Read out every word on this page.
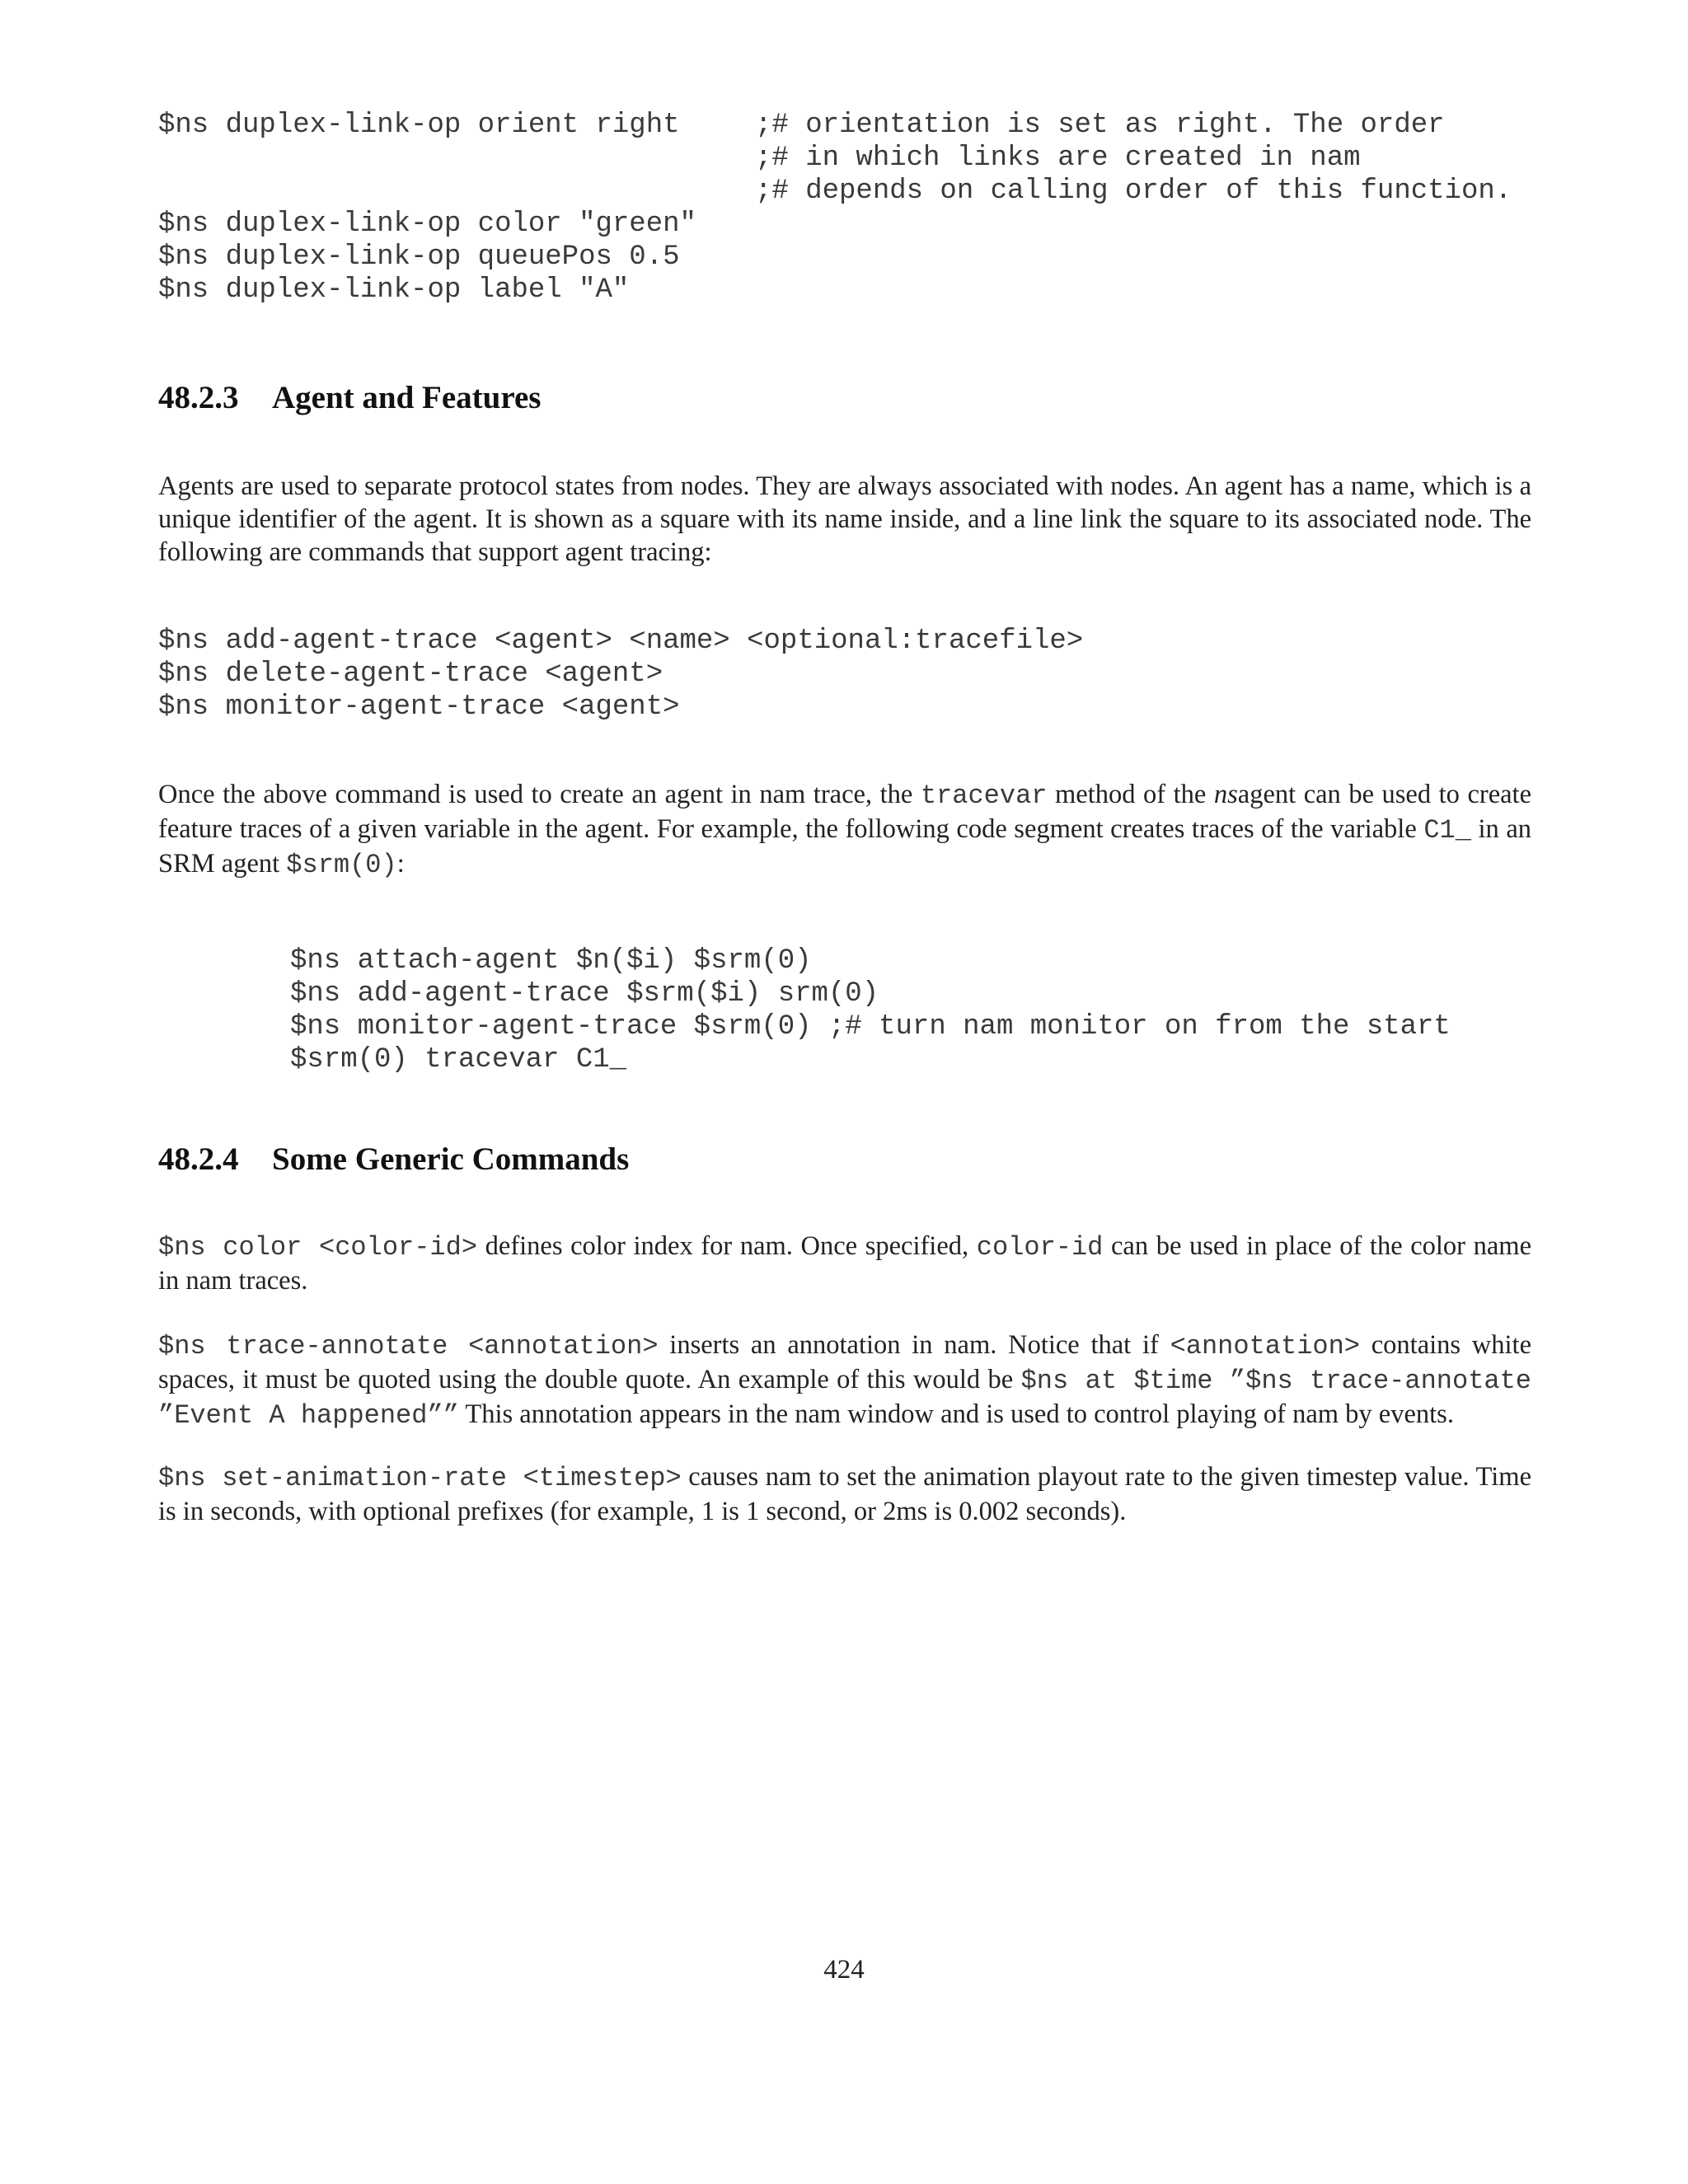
$ns duplex-link-op orient right	;# orientation is set as right. The order
;# in which links are created in nam
;# depends on calling order of this function.
$ns duplex-link-op color "green"
$ns duplex-link-op queuePos 0.5
$ns duplex-link-op label "A"
48.2.3 Agent and Features

Agents are used to separate protocol states from nodes. They are always associated with nodes. An agent has a name, which is a unique identifier of the agent. It is shown as a square with its name inside, and a line link the square to its associated node. The following are commands that support agent tracing:

$ns add-agent-trace <agent> <name> <optional:tracefile>
$ns delete-agent-trace <agent>
$ns monitor-agent-trace <agent>

Once the above command is used to create an agent in nam trace, the tracevar method of the nsagent can be used to create feature traces of a given variable in the agent. For example, the following code segment creates traces of the variable C1_ in an SRM agent $srm(0):

$ns attach-agent $n($i) $srm(0)
$ns add-agent-trace $srm($i) srm(0)
$ns monitor-agent-trace $srm(0) ;# turn nam monitor on from the start
$srm(0) tracevar C1_
48.2.4 Some Generic Commands

$ns color <color-id> defines color index for nam. Once specified, color-id can be used in place of the color name in nam traces.

$ns trace-annotate <annotation> inserts an annotation in nam. Notice that if <annotation> contains white spaces, it must be quoted using the double quote. An example of this would be $ns at $time ”$ns trace-annotate ”Event A happened”” This annotation appears in the nam window and is used to control playing of nam by events.

$ns set-animation-rate <timestep> causes nam to set the animation playout rate to the given timestep value. Time is in seconds, with optional prefixes (for example, 1 is 1 second, or 2ms is 0.002 seconds).

424
